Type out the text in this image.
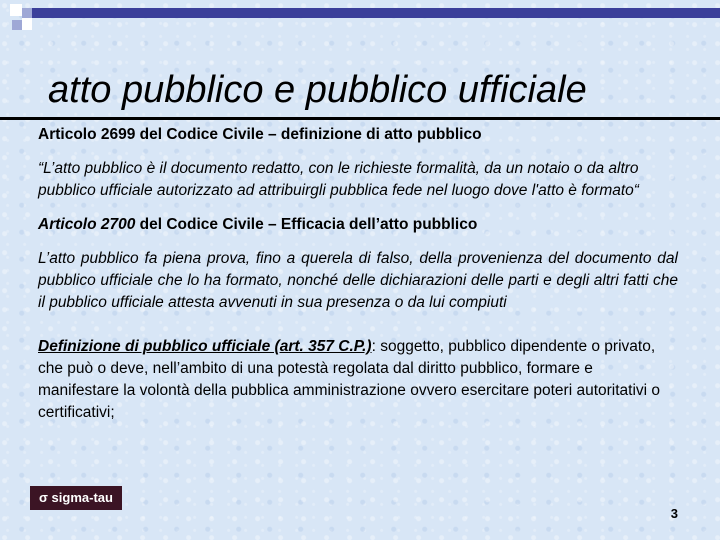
atto pubblico e pubblico ufficiale

Articolo 2699 del Codice Civile – definizione di atto pubblico

“L’atto pubblico è il documento redatto, con le richieste formalità, da un notaio o da altro pubblico ufficiale autorizzato ad attribuirgli pubblica fede nel luogo dove l'atto è formato“

Articolo 2700 del Codice Civile – Efficacia dell’atto pubblico

L’atto pubblico fa piena prova, fino a querela di falso, della provenienza del documento dal pubblico ufficiale che lo ha formato, nonché delle dichiarazioni delle parti e degli altri fatti che il pubblico ufficiale attesta avvenuti in sua presenza o da lui compiuti

Definizione di pubblico ufficiale (art. 357 C.P.): soggetto, pubblico dipendente o privato, che può o deve, nell’ambito di una potestà regolata dal diritto pubblico, formare e manifestare la volontà della pubblica amministrazione ovvero esercitare poteri autoritativi o certificativi;

σ sigma-tau
3
